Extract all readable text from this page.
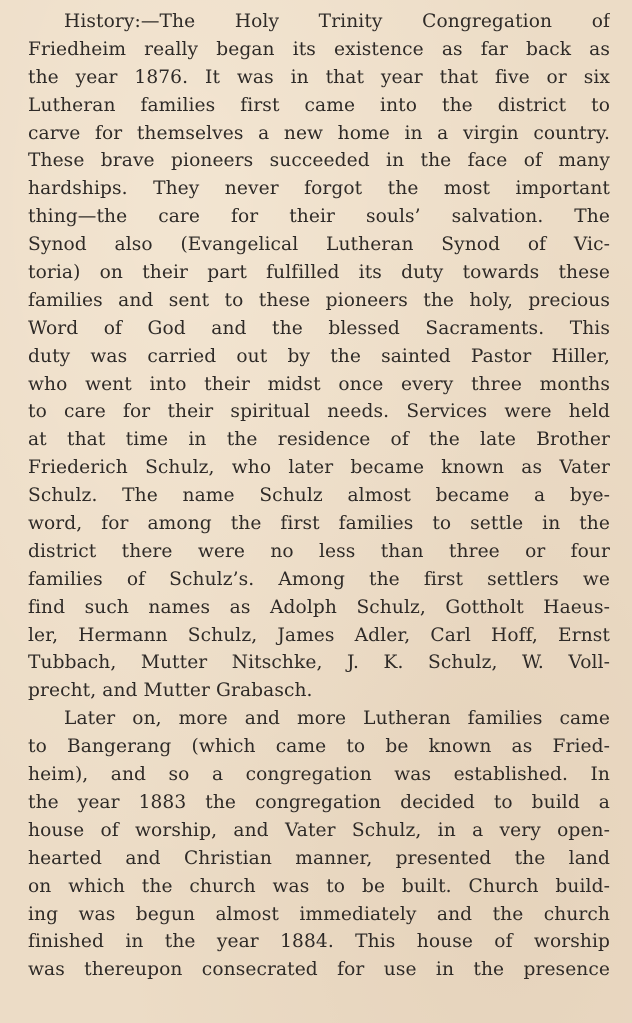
History:—The Holy Trinity Congregation of
Friedheim really began its existence as far back as
the year 1876. It was in that year that five or six
Lutheran families first came into the district to
carve for themselves a new home in a virgin country.
These brave pioneers succeeded in the face of many
hardships. They never forgot the most important
thing—the care for their souls’ salvation. The
Synod also (Evangelical Lutheran Synod of Vic-
toria) on their part fulfilled its duty towards these
families and sent to these pioneers the holy, precious
Word of God and the blessed Sacraments. This
duty was carried out by the sainted Pastor Hiller,
who went into their midst once every three months
to care for their spiritual needs. Services were held
at that time in the residence of the late Brother
Friederich Schulz, who later became known as Vater
Schulz. The name Schulz almost became a bye-
word, for among the first families to settle in the
district there were no less than three or four
families of Schulz’s. Among the first settlers we
find such names as Adolph Schulz, Gottholt Haeus-
ler, Hermann Schulz, James Adler, Carl Hoff, Ernst
Tubbach, Mutter Nitschke, J. K. Schulz, W. Voll-
precht, and Mutter Grabasch.
Later on, more and more Lutheran families came
to Bangerang (which came to be known as Fried-
heim), and so a congregation was established. In
the year 1883 the congregation decided to build a
house of worship, and Vater Schulz, in a very open-
hearted and Christian manner, presented the land
on which the church was to be built. Church build-
ing was begun almost immediately and the church
finished in the year 1884. This house of worship
was thereupon consecrated for use in the presence
